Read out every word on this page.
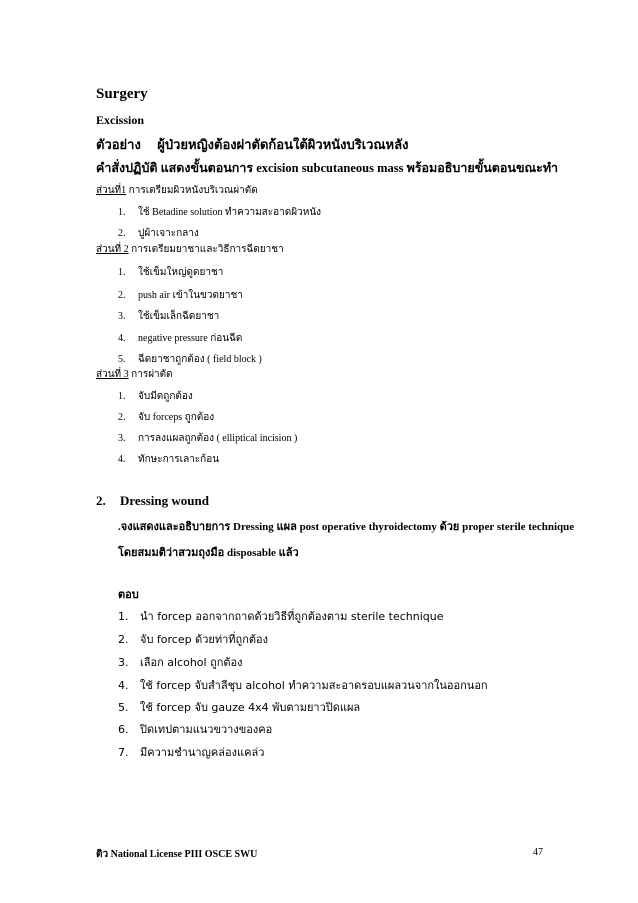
Surgery
Excission
ตัวอย่าง ผู้ป่วยหญิงต้องผ่าตัดก้อนใต้ผิวหนังบริเวณหลัง
คำสั่งปฏิบัติ แสดงขั้นตอนการ excision subcutaneous mass พร้อมอธิบายขั้นตอนขณะทำ
ส่วนที่1 การเตรียมผิวหนังบริเวณผ่าตัด
1. ใช้ Betadine solution ทำความสะอาดผิวหนัง
2. ปูผ้าเจาะกลาง
ส่วนที่ 2 การเตรียมยาชาและวิธีการฉีดยาชา
1. ใช้เข็มใหญ่ดูดยาชา
2. push air เข้าในขวดยาชา
3. ใช้เข็มเล็กฉีดยาชา
4. negative pressure ก่อนฉีด
5. ฉีดยาชาถูกต้อง ( field block )
ส่วนที่ 3 การผ่าตัด
1. จับมีดถูกต้อง
2. จับ forceps ถูกต้อง
3. การลงแผลถูกต้อง ( elliptical incision )
4. ทักษะการเลาะก้อน
2. Dressing wound
.จงแสดงและอธิบายการ Dressing แผล post operative thyroidectomy ด้วย proper sterile technique
โดยสมมติว่าสวมถุงมือ disposable แล้ว
ตอบ
1. นำ forcep ออกจากถาดด้วยวิธีที่ถูกต้องตาม sterile technique
2. จับ forcep ด้วยท่าที่ถูกต้อง
3. เลือก alcohol ถูกต้อง
4. ใช้ forcep จับสำลีชุบ alcohol ทำความสะอาดรอบแผลวนจากในออกนอก
5. ใช้ forcep จับ gauze 4x4 พับตามยาวปิดแผล
6. ปิดเทปตามแนวขวางของคอ
7. มีความชำนาญคล่องแคล่ว
ติว National License PIII OSCE SWU	47
